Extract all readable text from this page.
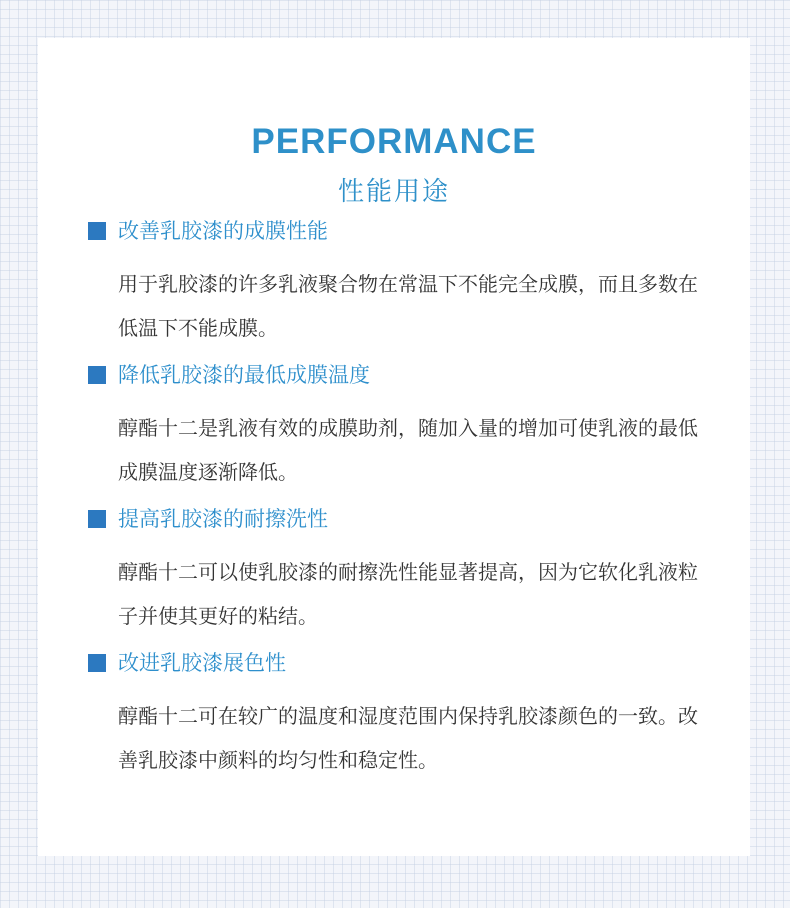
PERFORMANCE
性能用途
改善乳胶漆的成膜性能
用于乳胶漆的许多乳液聚合物在常温下不能完全成膜，而且多数在低温下不能成膜。
降低乳胶漆的最低成膜温度
醇酯十二是乳液有效的成膜助剂，随加入量的增加可使乳液的最低成膜温度逐渐降低。
提高乳胶漆的耐擦洗性
醇酯十二可以使乳胶漆的耐擦洗性能显著提高，因为它软化乳液粒子并使其更好的粘结。
改进乳胶漆展色性
醇酯十二可在较广的温度和湿度范围内保持乳胶漆颜色的一致。改善乳胶漆中颜料的均匀性和稳定性。
